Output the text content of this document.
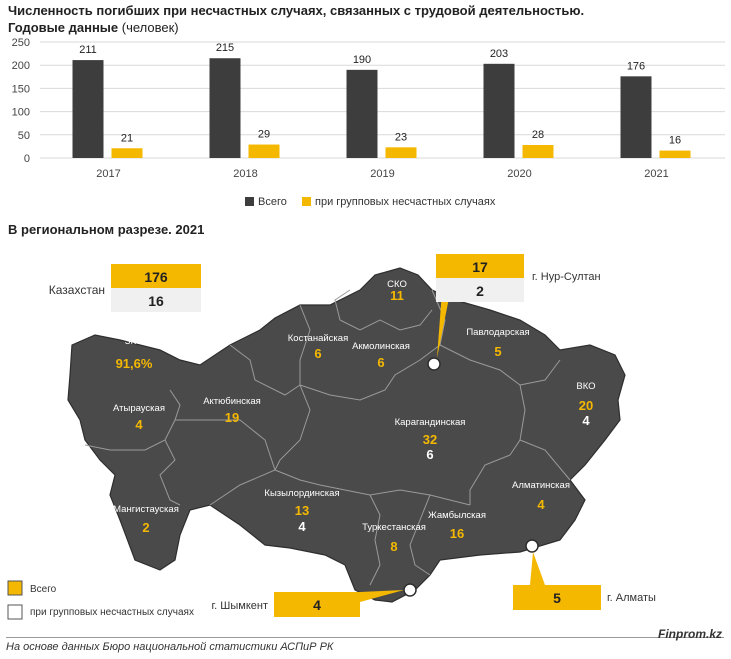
Численность погибших при несчастных случаях, связанных с трудовой деятельностью.
Годовые данные (человек)
0
50
100
150
200
250
211
21
2017
215
29
2018
190
23
2019
203
28
2020
176
16
2021
Всего	при групповых несчастных случаях
В региональном разрезе. 2021
Казахстан
176
16
17
2
г. Нур-Султан
4
г. Шымкент	5	г. Алматы
ЗКО
91,6%
СКО
11
Костанайская
6	Акмолинская
6
Павлодарская
5
Атырауская
4
Актюбинская
19	Карагандинская
32
6
ВКО
20
4
Мангистауская
2
Кызылординская
13
4
Алматинская
4
Туркестанская
8
Жамбылская
16
Всего
при групповых несчастных случаях
На основе данных Бюро национальной статистики АСПиР РК
Finprom.kz
